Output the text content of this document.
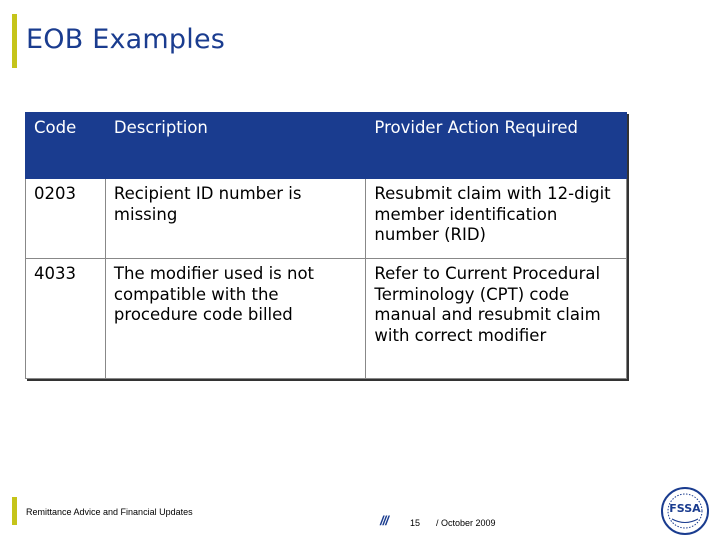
EOB Examples
Code	Description	Provider Action Required
0203	Recipient ID number is missing	Resubmit claim with 12-digit member identification number (RID)
4033	The modifier used is not compatible with the procedure code billed	Refer to Current Procedural Terminology (CPT) code manual and resubmit claim with correct modifier
Remittance Advice and Financial Updates
/// 15 / October 2009
FSSA
